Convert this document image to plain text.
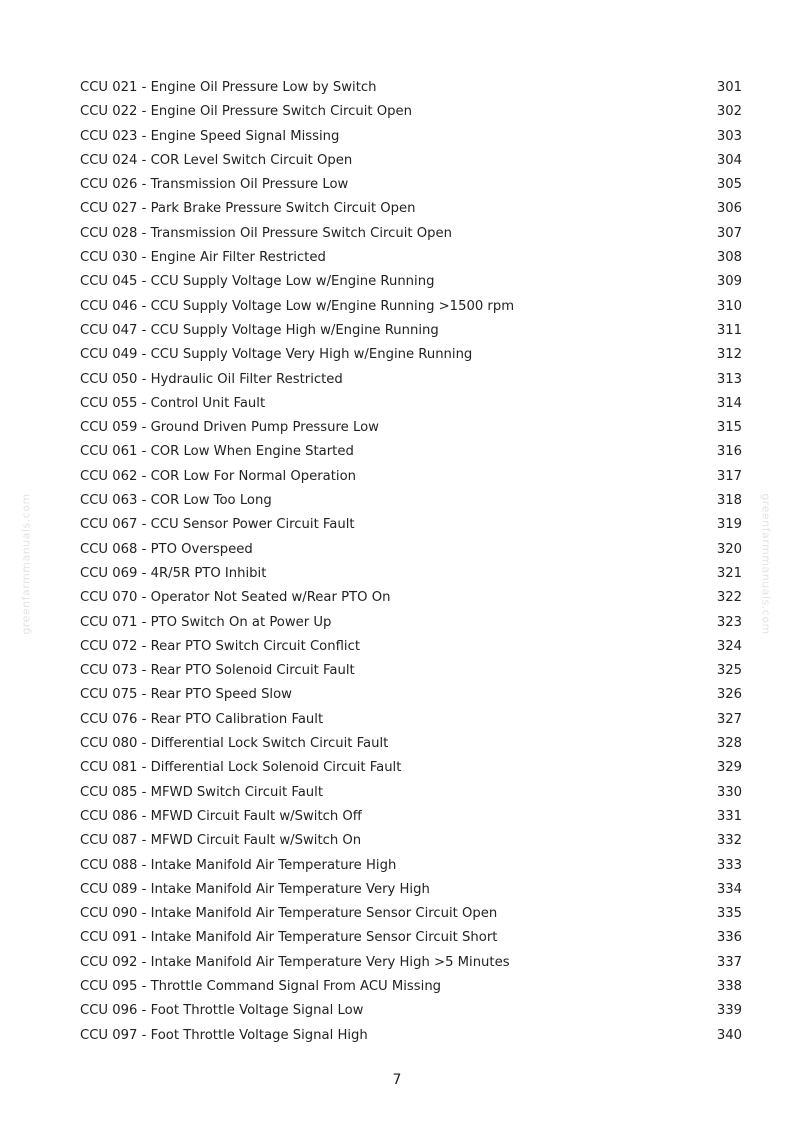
greenfarmmanuals.com	greenfarmmanuals.com
CCU 021 - Engine Oil Pressure Low by Switch	301
CCU 022 - Engine Oil Pressure Switch Circuit Open	302
CCU 023 - Engine Speed Signal Missing	303
CCU 024 - COR Level Switch Circuit Open	304
CCU 026 - Transmission Oil Pressure Low	305
CCU 027 - Park Brake Pressure Switch Circuit Open	306
CCU 028 - Transmission Oil Pressure Switch Circuit Open	307
CCU 030 - Engine Air Filter Restricted	308
CCU 045 - CCU Supply Voltage Low w/Engine Running	309
CCU 046 - CCU Supply Voltage Low w/Engine Running >1500 rpm	310
CCU 047 - CCU Supply Voltage High w/Engine Running	311
CCU 049 - CCU Supply Voltage Very High w/Engine Running	312
CCU 050 - Hydraulic Oil Filter Restricted	313
CCU 055 - Control Unit Fault	314
CCU 059 - Ground Driven Pump Pressure Low	315
CCU 061 - COR Low When Engine Started	316
CCU 062 - COR Low For Normal Operation	317
CCU 063 - COR Low Too Long	318
CCU 067 - CCU Sensor Power Circuit Fault	319
CCU 068 - PTO Overspeed	320
CCU 069 - 4R/5R PTO Inhibit	321
CCU 070 - Operator Not Seated w/Rear PTO On	322
CCU 071 - PTO Switch On at Power Up	323
CCU 072 - Rear PTO Switch Circuit Conflict	324
CCU 073 - Rear PTO Solenoid Circuit Fault	325
CCU 075 - Rear PTO Speed Slow	326
CCU 076 - Rear PTO Calibration Fault	327
CCU 080 - Differential Lock Switch Circuit Fault	328
CCU 081 - Differential Lock Solenoid Circuit Fault	329
CCU 085 - MFWD Switch Circuit Fault	330
CCU 086 - MFWD Circuit Fault w/Switch Off	331
CCU 087 - MFWD Circuit Fault w/Switch On	332
CCU 088 - Intake Manifold Air Temperature High	333
CCU 089 - Intake Manifold Air Temperature Very High	334
CCU 090 - Intake Manifold Air Temperature Sensor Circuit Open	335
CCU 091 - Intake Manifold Air Temperature Sensor Circuit Short	336
CCU 092 - Intake Manifold Air Temperature Very High >5 Minutes	337
CCU 095 - Throttle Command Signal From ACU Missing	338
CCU 096 - Foot Throttle Voltage Signal Low	339
CCU 097 - Foot Throttle Voltage Signal High	340
7
